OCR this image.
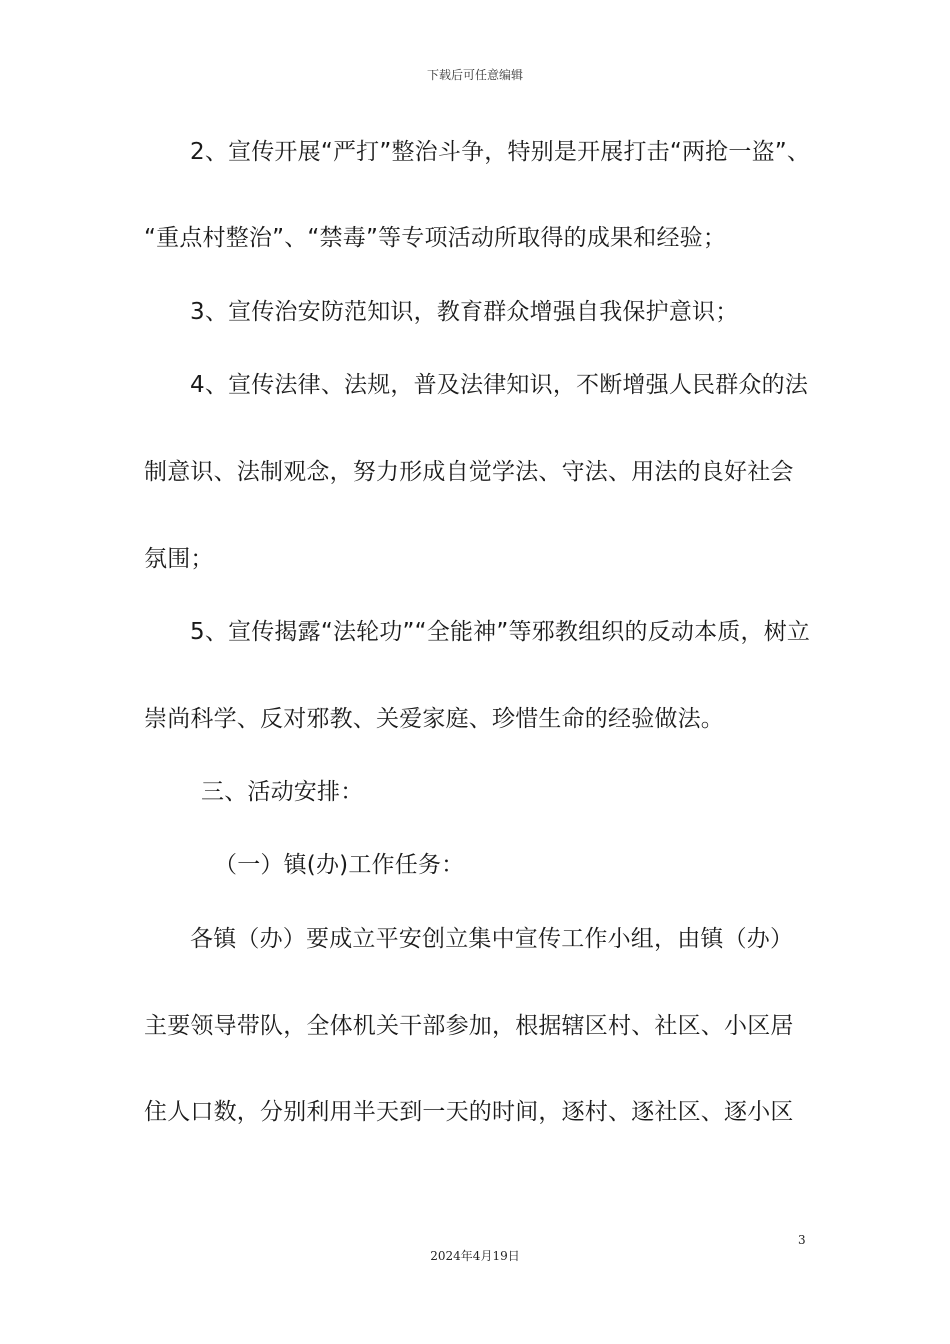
下载后可任意编辑
2、宣传开展“严打”整治斗争，特别是开展打击“两抢一盗”、
“重点村整治”、“禁毒”等专项活动所取得的成果和经验；
3、宣传治安防范知识，教育群众增强自我保护意识；
4、宣传法律、法规，普及法律知识，不断增强人民群众的法
制意识、法制观念，努力形成自觉学法、守法、用法的良好社会
氛围；
5、宣传揭露“法轮功”“全能神”等邪教组织的反动本质，树立
崇尚科学、反对邪教、关爱家庭、珍惜生命的经验做法。
三、活动安排：
（一）镇(办)工作任务：
各镇（办）要成立平安创立集中宣传工作小组，由镇（办）
主要领导带队，全体机关干部参加，根据辖区村、社区、小区居
住人口数，分别利用半天到一天的时间，逐村、逐社区、逐小区
3
2024年4月19日
